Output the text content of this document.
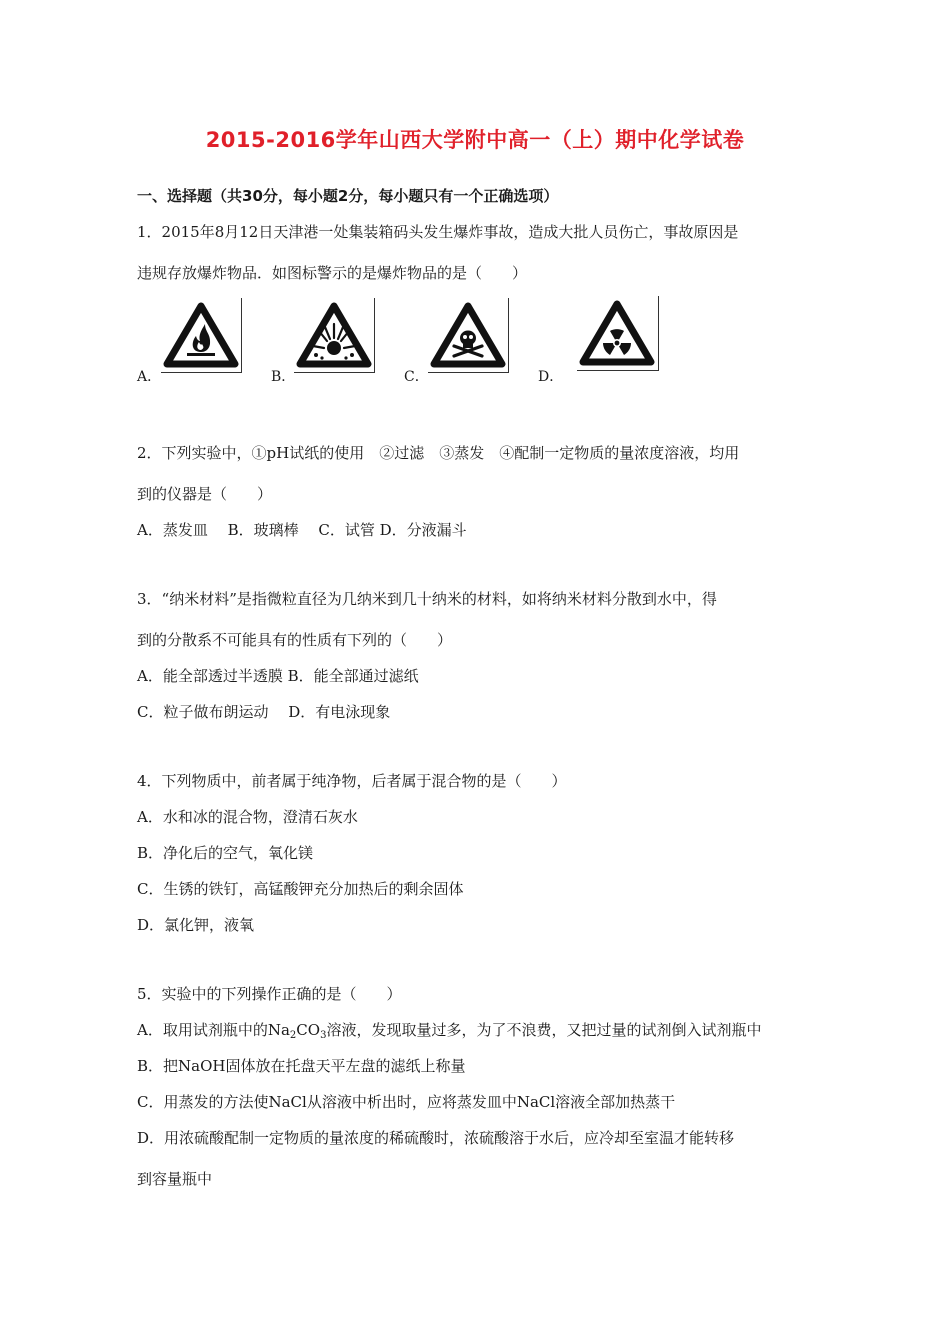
2015-2016学年山西大学附中高一（上）期中化学试卷
一、选择题（共30分，每小题2分，每小题只有一个正确选项）
1．2015年8月12日天津港一处集装箱码头发生爆炸事故，造成大批人员伤亡，事故原因是
违规存放爆炸物品．如图标警示的是爆炸物品的是（　　）
A．	B．	C．	D．
2．下列实验中，①pH试纸的使用　②过滤　③蒸发　④配制一定物质的量浓度溶液，均用
到的仪器是（　　）
A．蒸发皿　 B．玻璃棒　 C．试管 D．分液漏斗
3．“纳米材料”是指微粒直径为几纳米到几十纳米的材料，如将纳米材料分散到水中，得
到的分散系不可能具有的性质有下列的（　　）
A．能全部透过半透膜 B．能全部通过滤纸
C．粒子做布朗运动　 D．有电泳现象
4．下列物质中，前者属于纯净物，后者属于混合物的是（　　）
A．水和冰的混合物，澄清石灰水
B．净化后的空气，氧化镁
C．生锈的铁钉，高锰酸钾充分加热后的剩余固体
D．氯化钾，液氧
5．实验中的下列操作正确的是（　　）
A．取用试剂瓶中的$Na_2CO_3$溶液，发现取量过多，为了不浪费，又把过量的试剂倒入试剂瓶中
B．把NaOH固体放在托盘天平左盘的滤纸上称量
C．用蒸发的方法使NaCl从溶液中析出时，应将蒸发皿中NaCl溶液全部加热蒸干
D．用浓硫酸配制一定物质的量浓度的稀硫酸时，浓硫酸溶于水后，应冷却至室温才能转移
到容量瓶中
